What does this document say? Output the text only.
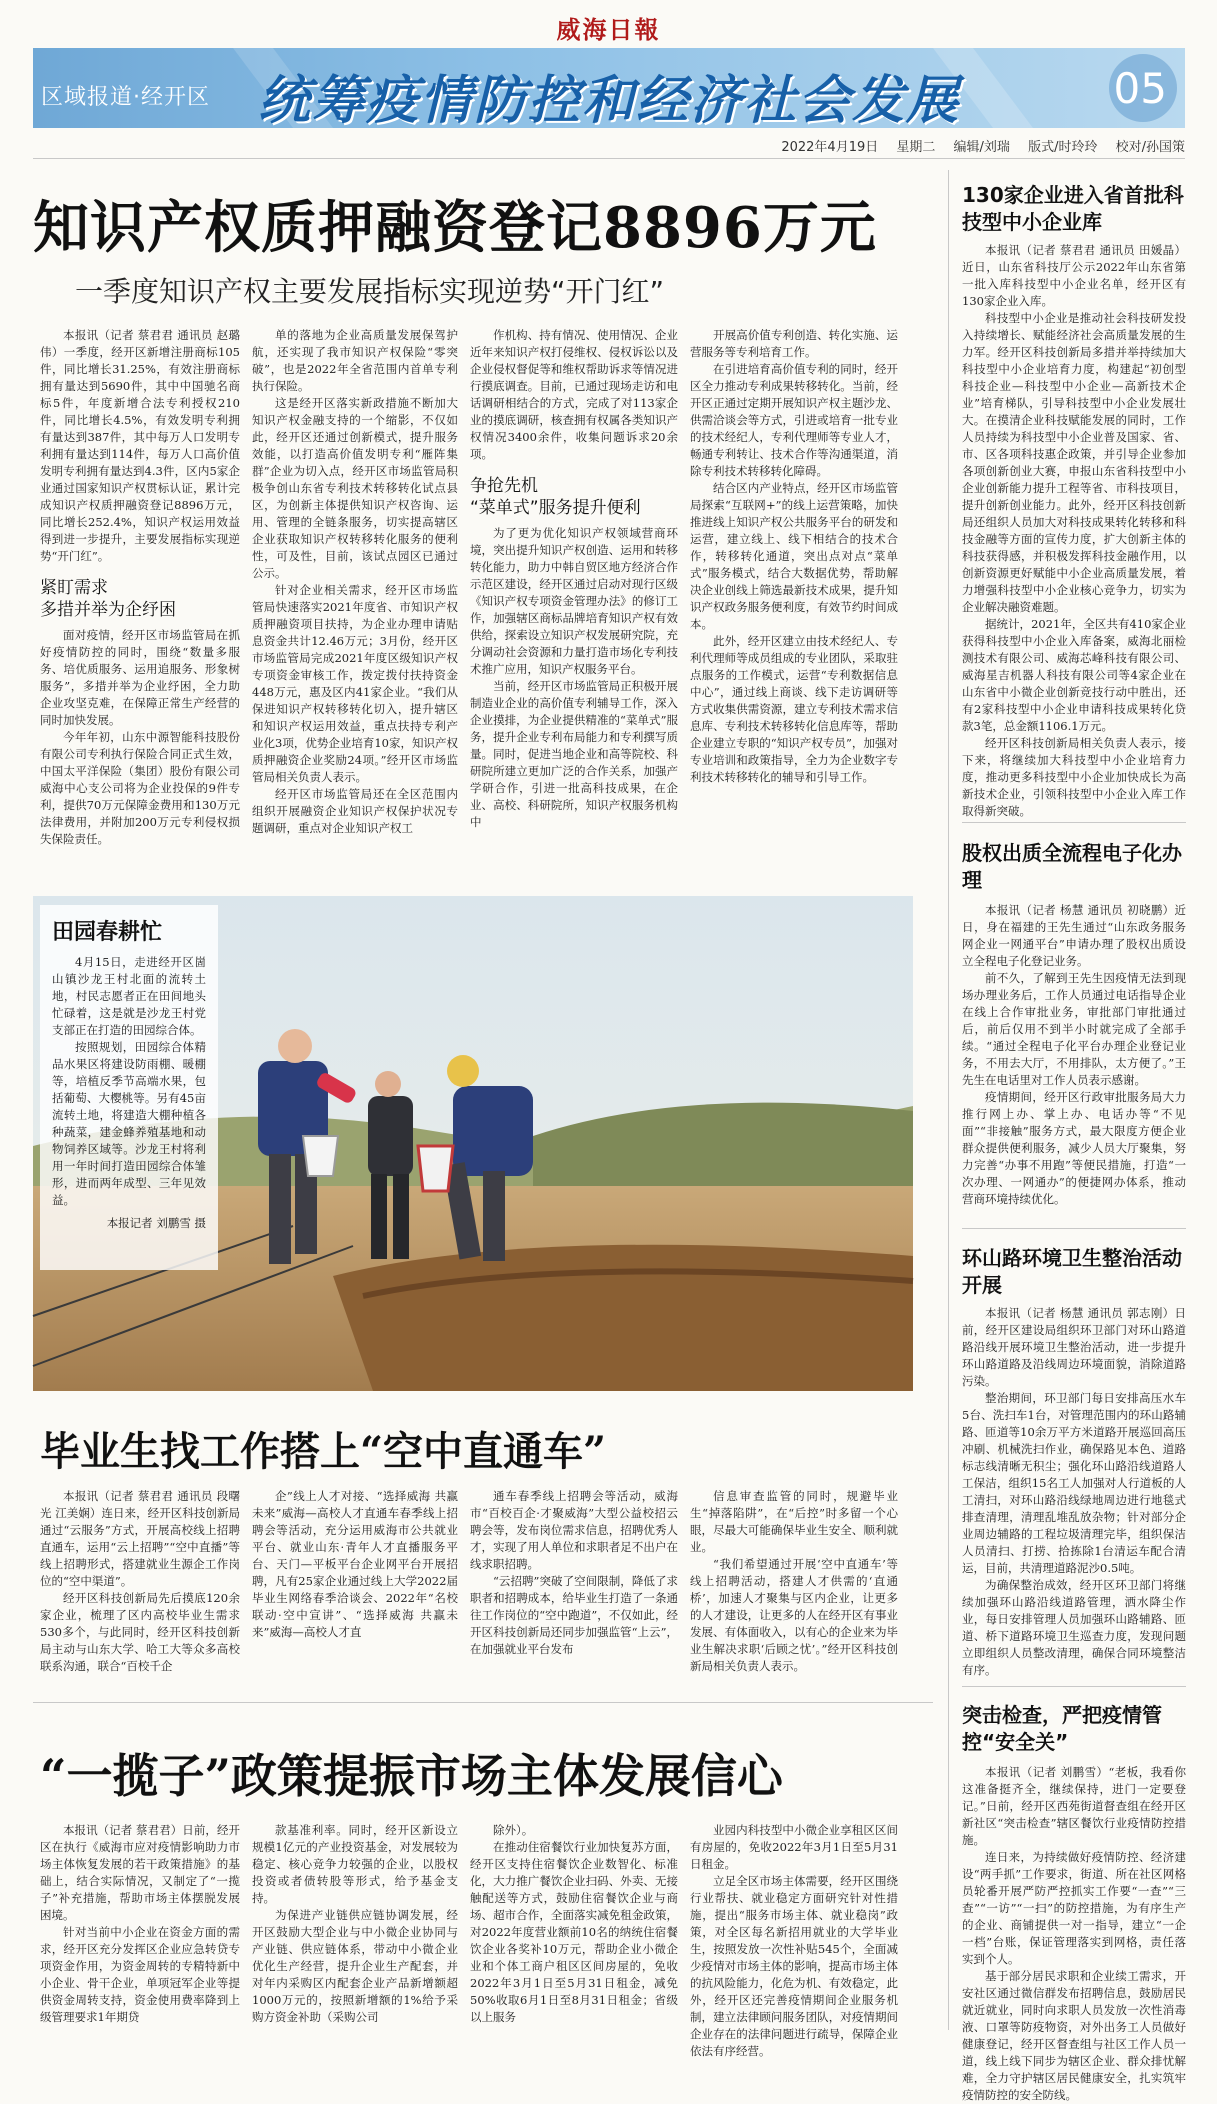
威海日報
区域报道·经开区 统筹疫情防控和经济社会发展	05
2022年4月19日 星期二 编辑/刘瑞 版式/时玲玲 校对/孙国策
知识产权质押融资登记8896万元
一季度知识产权主要发展指标实现逆势“开门红”

本报讯（记者 蔡君君 通讯员 赵璐伟）一季度，经开区新增注册商标105件，同比增长31.25%，有效注册商标拥有量达到5690件，其中中国驰名商标5件，年度新增合法专利授权210件，同比增长4.5%，有效发明专利拥有量达到387件，其中每万人口发明专利拥有量达到114件，每万人口高价值发明专利拥有量达到4.3件，区内5家企业通过国家知识产权贯标认证，累计完成知识产权质押融资登记8896万元，同比增长252.4%，知识产权运用效益得到进一步提升，主要发展指标实现逆势“开门红”。

紧盯需求
多措并举为企纾困

面对疫情，经开区市场监管局在抓好疫情防控的同时，围绕“数量多服务、培优质服务、运用追服务、形象树服务”，多措并举为企业纾困，全力助企业攻坚克难，在保障正常生产经营的同时加快发展。

今年年初，山东中源智能科技股份有限公司专利执行保险合同正式生效，中国太平洋保险（集团）股份有限公司威海中心支公司将为企业投保的9件专利，提供70万元保障金费用和130万元法律费用，并附加200万元专利侵权损失保险责任。

单的落地为企业高质量发展保驾护航，还实现了我市知识产权保险“零突破”，也是2022年全省范围内首单专利执行保险。

这是经开区落实新政措施不断加大知识产权金融支持的一个缩影，不仅如此，经开区还通过创新模式，提升服务效能，以打造高价值发明专利“雁阵集群”企业为切入点，经开区市场监管局积极争创山东省专利技术转移转化试点县区，为创新主体提供知识产权咨询、运用、管理的全链条服务，切实提高辖区企业获取知识产权转移转化服务的便利性，可及性，目前，该试点园区已通过公示。

针对企业相关需求，经开区市场监管局快速落实2021年度省、市知识产权质押融资项目扶持，为企业办理申请贴息资金共计12.46万元；3月份，经开区市场监管局完成2021年度区级知识产权专项资金审核工作，拨定拨付扶持资金448万元，惠及区内41家企业。“我们从保进知识产权转移转化切入，提升辖区和知识产权运用效益，重点扶持专利产业化3项，优势企业培育10家，知识产权质押融资企业奖励24项。”经开区市场监管局相关负责人表示。

经开区市场监管局还在全区范围内组织开展融资企业知识产权保护状况专题调研，重点对企业知识产权工

作机构、持有情况、使用情况、企业近年来知识产权打侵维权、侵权诉讼以及企业侵权督促等和维权帮助诉求等情况进行摸底调查。目前，已通过现场走访和电话调研相结合的方式，完成了对113家企业的摸底调研，核查拥有权属各类知识产权情况3400余件，收集问题诉求20余项。

争抢先机
“菜单式”服务提升便利

为了更为优化知识产权领域营商环境，突出提升知识产权创造、运用和转移转化能力，助力中韩自贸区地方经济合作示范区建设，经开区通过启动对现行区级《知识产权专项资金管理办法》的修订工作，加强辖区商标品牌培育知识产权有效供给，探索设立知识产权发展研究院，充分调动社会资源和力量打造市场化专利技术推广应用，知识产权服务平台。

当前，经开区市场监管局正积极开展制造业企业的高价值专利辅导工作，深入企业摸排，为企业提供精准的“菜单式”服务，提升企业专利布局能力和专利撰写质量。同时，促进当地企业和高等院校、科研院所建立更加广泛的合作关系，加强产学研合作，引进一批高科技成果，在企业、高校、科研院所，知识产权服务机构中

开展高价值专利创造、转化实施、运营服务等专利培育工作。

在引进培育高价值专利的同时，经开区全力推动专利成果转移转化。当前，经开区正通过定期开展知识产权主题沙龙、供需洽谈会等方式，引进或培育一批专业的技术经纪人，专利代理师等专业人才，畅通专利转让、技术合作等沟通渠道，消除专利技术转移转化障碍。

结合区内产业特点，经开区市场监管局探索“互联网+”的线上运营策略，加快推进线上知识产权公共服务平台的研发和运营，建立线上、线下相结合的技术合作，转移转化通道，突出点对点“菜单式”服务模式，结合大数据优势，帮助解决企业创线上筛选最新技术成果，提升知识产权政务服务便利度，有效节约时间成本。

此外，经开区建立由技术经纪人、专利代理师等成员组成的专业团队，采取驻点服务的工作模式，运营“专利数据信息中心”，通过线上商谈、线下走访调研等方式收集供需资源，建立专利技术需求信息库、专利技术转移转化信息库等，帮助企业建立专职的“知识产权专员”，加强对专业培训和政策指导，全力为企业数字专利技术转移转化的辅导和引导工作。

130家企业进入省首批科技型中小企业库

本报讯（记者 蔡君君 通讯员 田媛晶）近日，山东省科技厅公示2022年山东省第一批入库科技型中小企业名单，经开区有130家企业入库。

科技型中小企业是推动社会科技研发投入持续增长、赋能经济社会高质量发展的生力军。经开区科技创新局多措并举持续加大科技型中小企业培育力度，构建起“初创型科技企业—科技型中小企业—高新技术企业”培育梯队，引导科技型中小企业发展壮大。在摸清企业科技赋能发展的同时，工作人员持续为科技型中小企业普及国家、省、市、区各项科技惠企政策，并引导企业参加各项创新创业大赛，申报山东省科技型中小企业创新能力提升工程等省、市科技项目，提升创新创业能力。此外，经开区科技创新局还组织人员加大对科技成果转化转移和科技金融等方面的宣传力度，扩大创新主体的科技获得感，并积极发挥科技金融作用，以创新资源更好赋能中小企业高质量发展，着力增强科技型中小企业核心竞争力，切实为企业解决融资难题。

据统计，2021年，全区共有410家企业获得科技型中小企业入库备案，威海北丽检测技术有限公司、威海芯峰科技有限公司、威海星吉机器人科技有限公司等4家企业在山东省中小微企业创新竞技行动中胜出，还有2家科技型中小企业申请科技成果转化贷款3笔，总金额1106.1万元。

经开区科技创新局相关负责人表示，接下来，将继续加大科技型中小企业培育力度，推动更多科技型中小企业加快成长为高新技术企业，引领科技型中小企业入库工作取得新突破。

股权出质全流程电子化办理

本报讯（记者 杨慧 通讯员 初晓鹏）近日，身在福建的王先生通过“山东政务服务网企业一网通平台”申请办理了股权出质设立全程电子化登记业务。

前不久，了解到王先生因疫情无法到现场办理业务后，工作人员通过电话指导企业在线上合作审批业务，审批部门审批通过后，前后仅用不到半小时就完成了全部手续。“通过全程电子化平台办理企业登记业务，不用去大厅，不用排队，太方便了。”王先生在电话里对工作人员表示感谢。

疫情期间，经开区行政审批服务局大力推行网上办、掌上办、电话办等“不见面”“非接触”服务方式，最大限度方便企业群众提供便利服务，减少人员大厅聚集，努力完善“办事不用跑”等便民措施，打造“一次办理、一网通办”的便捷网办体系，推动营商环境持续优化。

环山路环境卫生整治活动开展

本报讯（记者 杨慧 通讯员 郭志刚）日前，经开区建设局组织环卫部门对环山路道路沿线开展环境卫生整治活动，进一步提升环山路道路及沿线周边环境面貌，消除道路污染。

整治期间，环卫部门每日安排高压水车5台、洗扫车1台，对管理范围内的环山路辅路、匝道等10余万平方米道路开展巡回高压冲刷、机械洗扫作业，确保路见本色、道路标志线清晰无积尘；强化环山路沿线道路人工保洁，组织15名工人加强对人行道板的人工清扫，对环山路沿线绿地周边进行地毯式排查清理，清理乱堆乱放杂物；针对部分企业周边辅路的工程垃圾清理完毕，组织保洁人员清扫、打捞、拾拣除1台清运车配合清运，目前，共清理道路泥沙0.5吨。

为确保整治成效，经开区环卫部门将继续加强环山路沿线道路管理，洒水降尘作业，每日安排管理人员加强环山路辅路、匝道、桥下道路环境卫生巡查力度，发现问题立即组织人员整改清理，确保合同环境整洁有序。

突击检查，严把疫情管控“安全关”

本报讯（记者 刘鹏雪）“老板，我看你这准备挺齐全，继续保持，进门一定要登记。”日前，经开区西苑街道督查组在经开区新社区“突击检查”辖区餐饮行业疫情防控措施。

连日来，为持续做好疫情防控、经济建设“两手抓”工作要求，街道、所在社区网格员轮番开展严防严控抓实工作要“一查”“三查”“一访”“一扫”的防控措施，为有序生产的企业、商铺提供一对一指导，建立“一企一档”台账，保证管理落实到网格，责任落实到个人。

基于部分居民求职和企业续工需求，开安社区通过微信群发布招聘信息，鼓励居民就近就业，同时向求职人员发放一次性消毒液、口罩等防疫物资，对外出务工人员做好健康登记，经开区督查组与社区工作人员一道，线上线下同步为辖区企业、群众排忧解难，全力守护辖区居民健康安全，扎实筑牢疫情防控的安全防线。

田园春耕忙

4月15日，走进经开区崮山镇沙龙王村北面的流转土地，村民志愿者正在田间地头忙碌着，这是就是沙龙王村党支部正在打造的田园综合体。

按照规划，田园综合体精品水果区将建设防雨棚、暖棚等，培植反季节高端水果，包括葡萄、大樱桃等。另有45亩流转土地，将建造大棚种植各种蔬菜，建金蜂养殖基地和动物饲养区域等。沙龙王村将利用一年时间打造田园综合体雏形，进而两年成型、三年见效益。

本报记者 刘鹏雪 摄
毕业生找工作搭上“空中直通车”

本报讯（记者 蔡君君 通讯员 段曙光 江美娴）连日来，经开区科技创新局通过“云服务”方式，开展高校线上招聘直通车，运用“云上招聘”“空中直播”等线上招聘形式，搭建就业生源企工作岗位的“空中渠道”。

经开区科技创新局先后摸底120余家企业，梳理了区内高校毕业生需求530多个，与此同时，经开区科技创新局主动与山东大学、哈工大等众多高校联系沟通，联合“百校千企

企”线上人才对接、“选择威海 共赢未来”威海—高校人才直通车春季线上招聘会等活动，充分运用威海市公共就业平台、就业山东·青年人才直播服务平台、天门—平板平台企业网平台开展招聘，凡有25家企业通过线上大学2022届毕业生网络春季洽谈会、2022年“名校联动·空中宣讲”、“选择威海 共赢未来”威海—高校人才直

通车春季线上招聘会等活动，威海市“百校百企·才聚威海”大型公益校招云聘会等，发布岗位需求信息，招聘优秀人才，实现了用人单位和求职者足不出户在线求职招聘。

“云招聘”突破了空间限制，降低了求职者和招聘成本，给毕业生打造了一条通往工作岗位的“空中跑道”，不仅如此，经开区科技创新局还同步加强监管“上云”，在加强就业平台发布

信息审查监管的同时，规避毕业生“掉落陷阱”，在“后控”时多留一个心眼，尽最大可能确保毕业生安全、顺利就业。

“我们希望通过开展‘空中直通车’等线上招聘活动，搭建人才供需的‘直通桥’，加速人才聚集与区内企业，让更多的人才建设，让更多的人在经开区有事业发展、有体面收入，以有心的企业来为毕业生解决求职‘后顾之忧’。”经开区科技创新局相关负责人表示。

“一揽子”政策提振市场主体发展信心

本报讯（记者 蔡君君）日前，经开区在执行《威海市应对疫情影响助力市场主体恢复发展的若干政策措施》的基础上，结合实际情况，又制定了“一揽子”补充措施，帮助市场主体摆脱发展困境。

针对当前中小企业在资金方面的需求，经开区充分发挥区企业应急转贷专项资金作用，为资金周转的专精特新中小企业、骨干企业，单项冠军企业等提供资金周转支持，资金使用费率降到上级管理要求1年期贷

款基准利率。同时，经开区新设立规模1亿元的产业投资基金，对发展较为稳定、核心竞争力较强的企业，以股权投资或者债转股等形式，给予基金支持。

为保进产业链供应链协调发展，经开区鼓励大型企业与中小微企业协同与产业链、供应链体系，带动中小微企业优化生产经营，提升企业生产配套，并对年内采购区内配套企业产品新增额超1000万元的，按照新增额的1%给予采购方资金补助（采购公司

除外）。

在推动住宿餐饮行业加快复苏方面，经开区支持住宿餐饮企业数智化、标准化，大力推广餐饮企业扫码、外卖、无接触配送等方式，鼓励住宿餐饮企业与商场、超市合作，全面落实减免租金政策，对2022年度营业额前10名的纳统住宿餐饮企业各奖补10万元，帮助企业小微企业和个体工商户租区区间房屋的，免收2022年3月1日至5月31日租金，减免50%收取6月1日至8月31日租金；省级以上服务

业园内科技型中小微企业享租区区间有房屋的，免收2022年3月1日至5月31日租金。

立足全区市场主体需要，经开区围绕行业帮扶、就业稳定方面研究针对性措施，提出“服务市场主体、就业稳岗”政策，对全区每名新招用就业的大学毕业生，按照发放一次性补贴545个，全面减少疫情对市场主体的影响，提高市场主体的抗风险能力，化危为机、有效稳定，此外，经开区还完善疫情期间企业服务机制，建立法律顾问服务团队，对疫情期间企业存在的法律问题进行疏导，保障企业依法有序经营。
